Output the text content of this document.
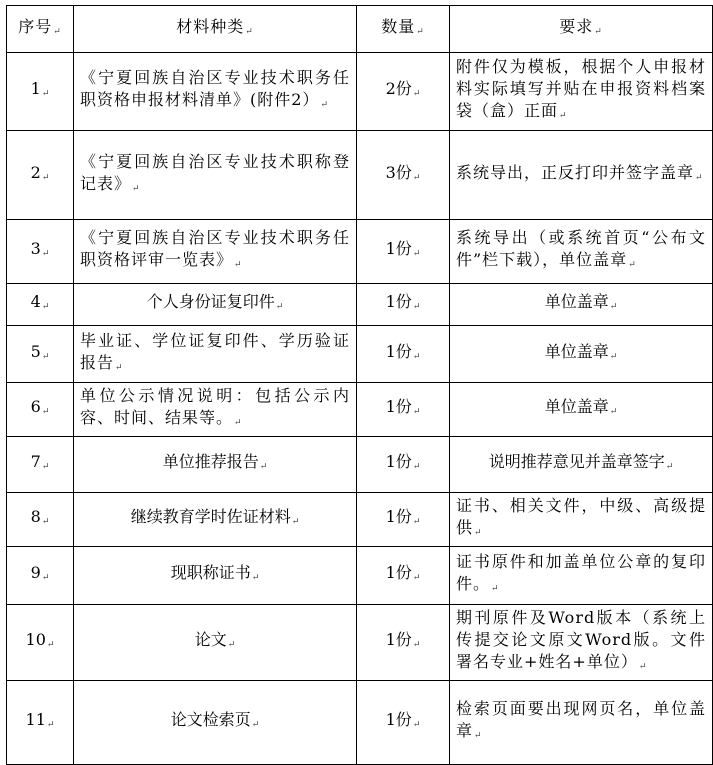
序号↵	材料种类↵	数量↵	要求↵
1↵	《宁夏回族自治区专业技术职务任职资格申报材料清单》(附件2）↵	2份↵	附件仅为模板，根据个人申报材料实际填写并贴在申报资料档案袋（盒）正面↵
2↵	《宁夏回族自治区专业技术职称登记表》↵	3份↵	系统导出，正反打印并签字盖章↵
3↵	《宁夏回族自治区专业技术职务任职资格评审一览表》↵	1份↵	系统导出（或系统首页“公布文件”栏下载），单位盖章↵
4↵	个人身份证复印件↵	1份↵	单位盖章↵
5↵	毕业证、学位证复印件、学历验证报告↵	1份↵	单位盖章↵
6↵	单位公示情况说明：包括公示内容、时间、结果等。↵	1份↵	单位盖章↵
7↵	单位推荐报告↵	1份↵	说明推荐意见并盖章签字↵
8↵	继续教育学时佐证材料↵	1份↵	证书、相关文件，中级、高级提供↵
9↵	现职称证书↵	1份↵	证书原件和加盖单位公章的复印件。↵
10↵	论文↵	1份↵	期刊原件及Word版本（系统上传提交论文原文Word版。文件署名专业+姓名+单位）↵
11↵	论文检索页↵	1份↵	检索页面要出现网页名，单位盖章↵
